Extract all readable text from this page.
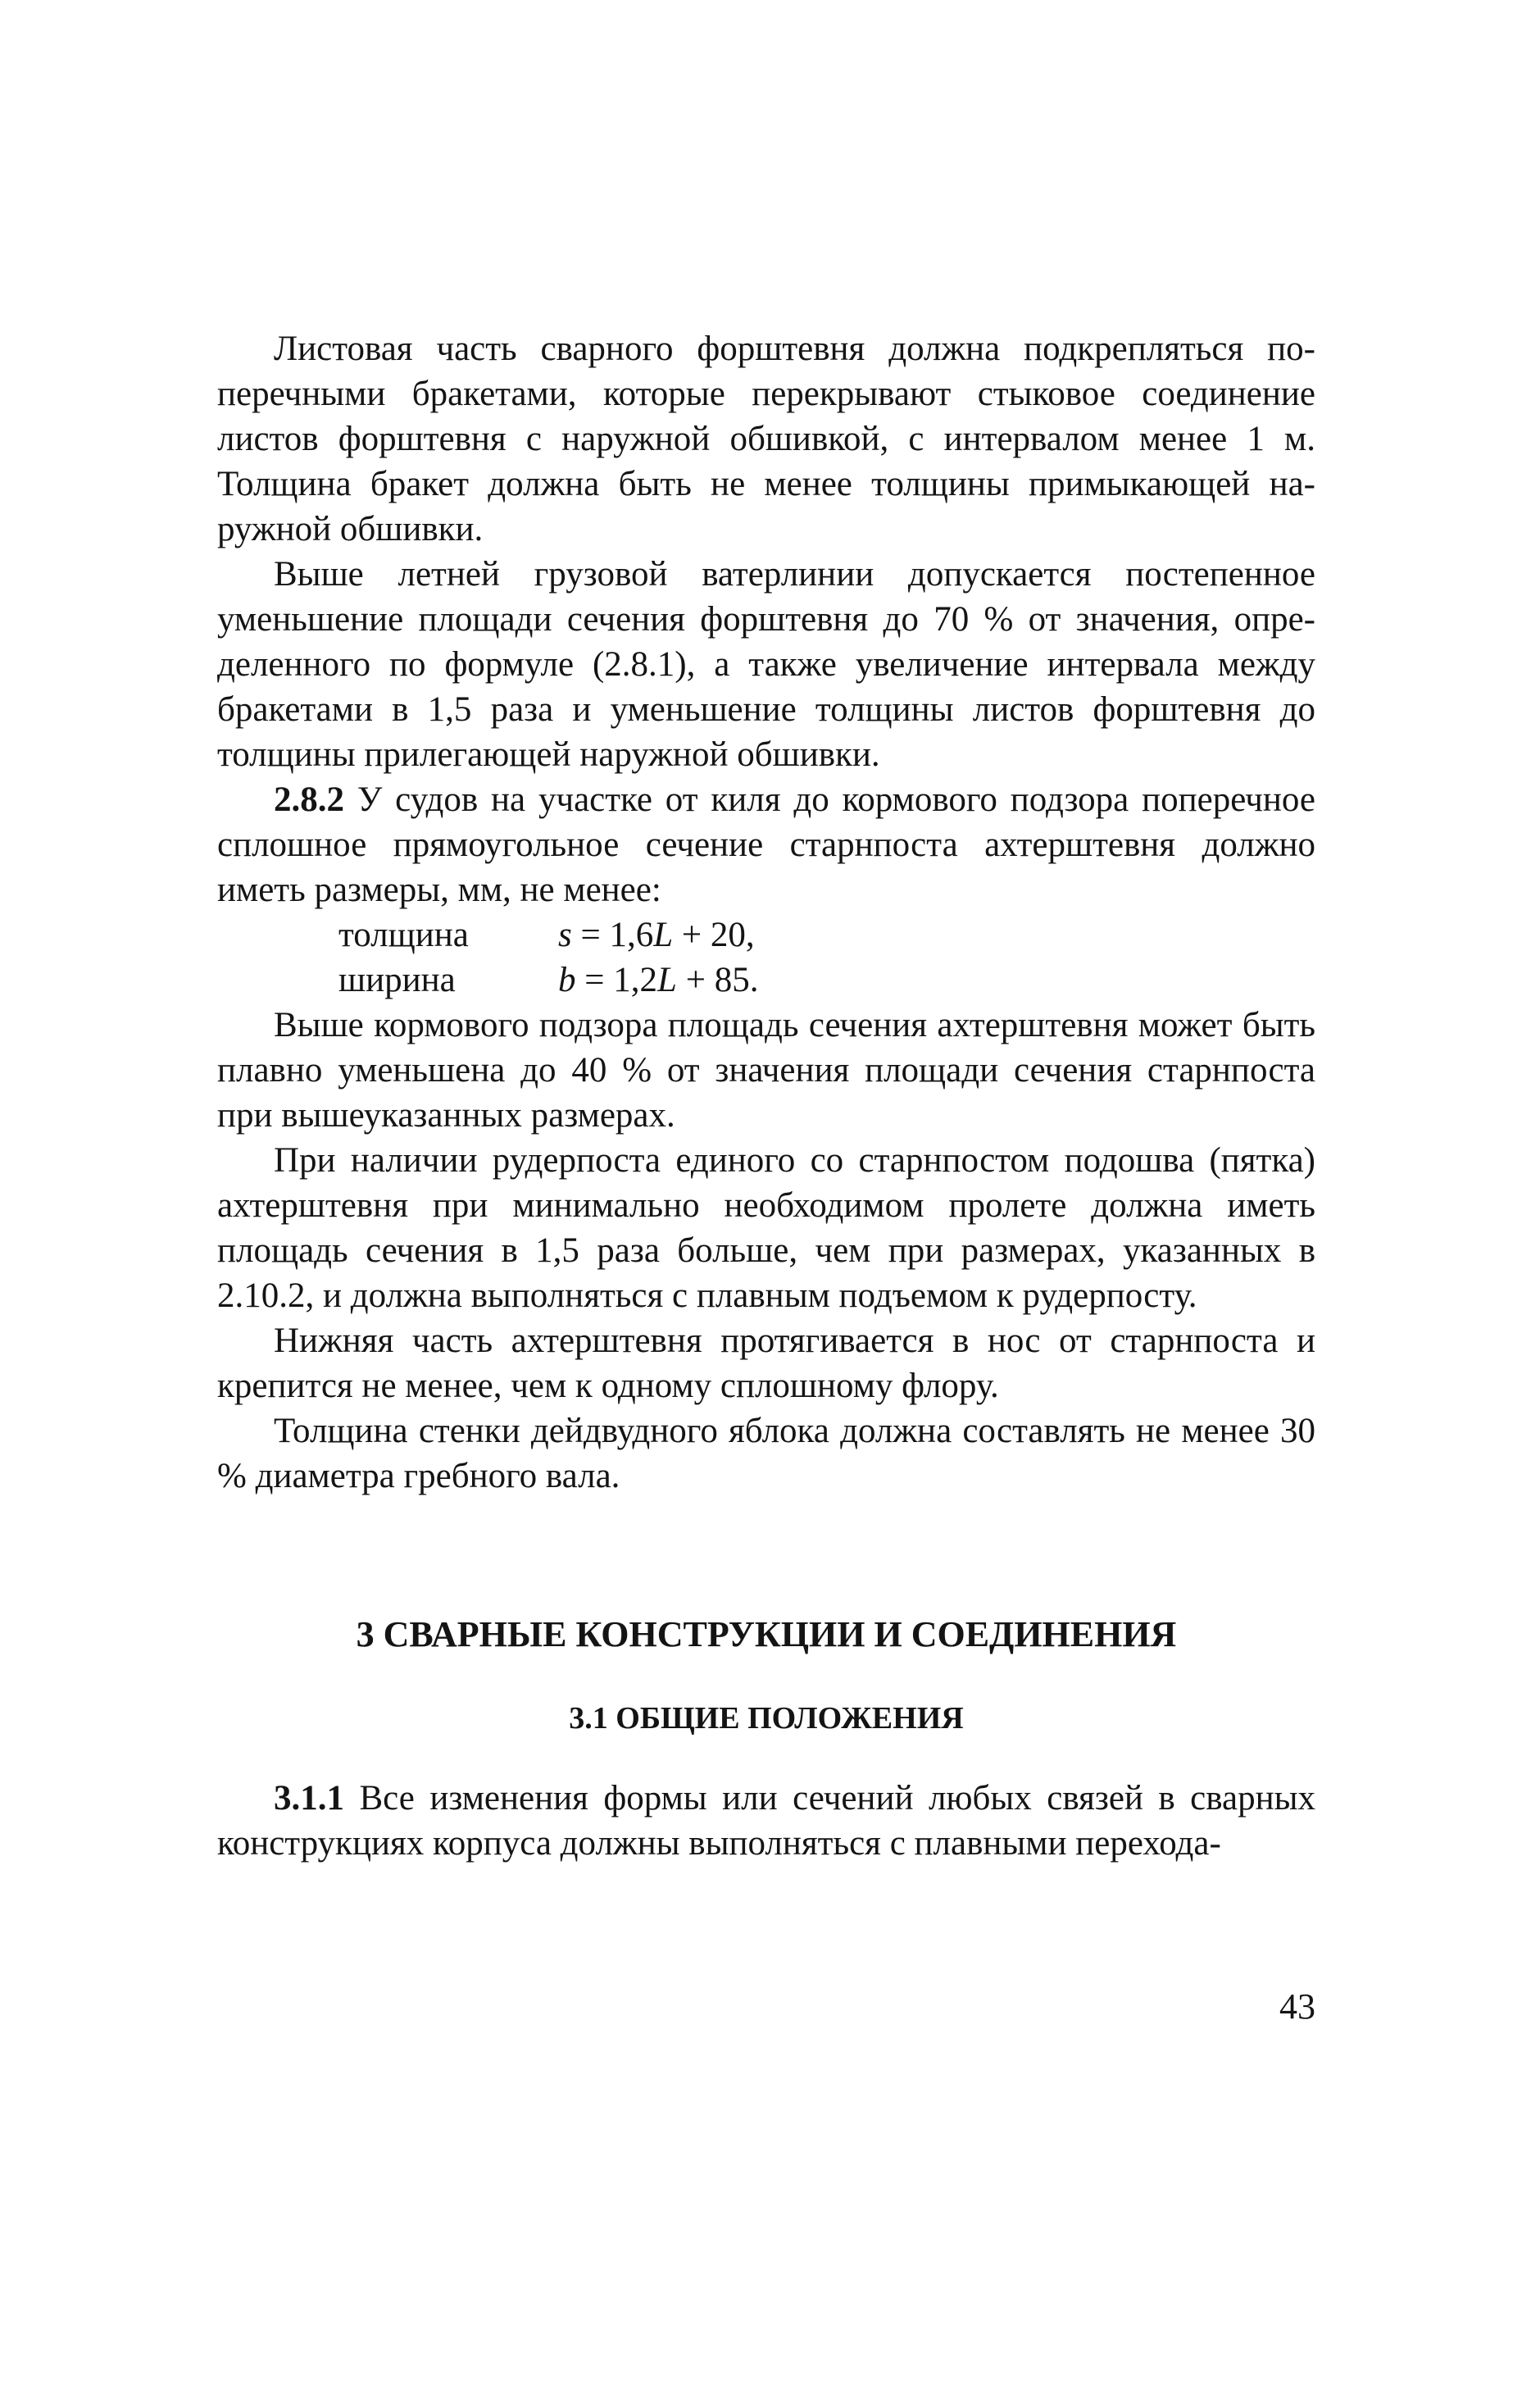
Листовая часть сварного форштевня должна подкрепляться поперечными бракетами, которые перекрывают стыковое соединение листов форштевня с наружной обшивкой, с интервалом менее 1 м. Толщина бракет должна быть не менее толщины примыкающей наружной обшивки.

Выше летней грузовой ватерлинии допускается постепенное уменьшение площади сечения форштевня до 70 % от значения, определенного по формуле (2.8.1), а также увеличение интервала между бракетами в 1,5 раза и уменьшение толщины листов форштевня до толщины прилегающей наружной обшивки.

2.8.2 У судов на участке от киля до кормового подзора поперечное сплошное прямоугольное сечение старнпоста ахтерштевня должно иметь размеры, мм, не менее:

толщина	s = 1,6L + 20,
ширина	b = 1,2L + 85.

Выше кормового подзора площадь сечения ахтерштевня может быть плавно уменьшена до 40 % от значения площади сечения старнпоста при вышеуказанных размерах.

При наличии рудерпоста единого со старнпостом подошва (пятка) ахтерштевня при минимально необходимом пролете должна иметь площадь сечения в 1,5 раза больше, чем при размерах, указанных в 2.10.2, и должна выполняться с плавным подъемом к рудерпосту.

Нижняя часть ахтерштевня протягивается в нос от старнпоста и крепится не менее, чем к одному сплошному флору.

Толщина стенки дейдвудного яблока должна составлять не менее 30 % диаметра гребного вала.

3 СВАРНЫЕ КОНСТРУКЦИИ И СОЕДИНЕНИЯ
3.1 ОБЩИЕ ПОЛОЖЕНИЯ

3.1.1 Все изменения формы или сечений любых связей в сварных конструкциях корпуса должны выполняться с плавными перехода-

43
